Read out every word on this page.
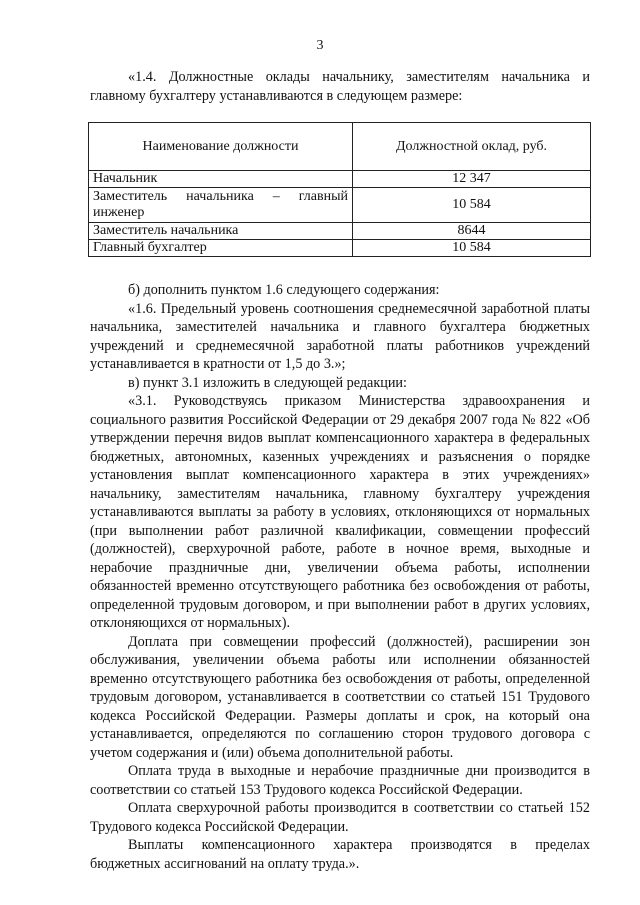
3

«1.4. Должностные оклады начальнику, заместителям начальника и главному бухгалтеру устанавливаются в следующем размере:

Наименование должности	Должностной оклад, руб.
Начальник	12 347
Заместитель начальника – главный инженер	10 584
Заместитель начальника	8644
Главный бухгалтер	10 584

б) дополнить пунктом 1.6 следующего содержания:

«1.6. Предельный уровень соотношения среднемесячной заработной платы начальника, заместителей начальника и главного бухгалтера бюджетных учреждений и среднемесячной заработной платы работников учреждений устанавливается в кратности от 1,5 до 3.»;

в) пункт 3.1 изложить в следующей редакции:

«3.1. Руководствуясь приказом Министерства здравоохранения и социального развития Российской Федерации от 29 декабря 2007 года № 822 «Об утверждении перечня видов выплат компенсационного характера в федеральных бюджетных, автономных, казенных учреждениях и разъяснения о порядке установления выплат компенсационного характера в этих учреждениях» начальнику, заместителям начальника, главному бухгалтеру учреждения устанавливаются выплаты за работу в условиях, отклоняющихся от нормальных (при выполнении работ различной квалификации, совмещении профессий (должностей), сверхурочной работе, работе в ночное время, выходные и нерабочие праздничные дни, увеличении объема работы, исполнении обязанностей временно отсутствующего работника без освобождения от работы, определенной трудовым договором, и при выполнении работ в других условиях, отклоняющихся от нормальных).

Доплата при совмещении профессий (должностей), расширении зон обслуживания, увеличении объема работы или исполнении обязанностей временно отсутствующего работника без освобождения от работы, определенной трудовым договором, устанавливается в соответствии со статьей 151 Трудового кодекса Российской Федерации. Размеры доплаты и срок, на который она устанавливается, определяются по соглашению сторон трудового договора с учетом содержания и (или) объема дополнительной работы.

Оплата труда в выходные и нерабочие праздничные дни производится в соответствии со статьей 153 Трудового кодекса Российской Федерации.

Оплата сверхурочной работы производится в соответствии со статьей 152 Трудового кодекса Российской Федерации.

Выплаты компенсационного характера производятся в пределах бюджетных ассигнований на оплату труда.».
